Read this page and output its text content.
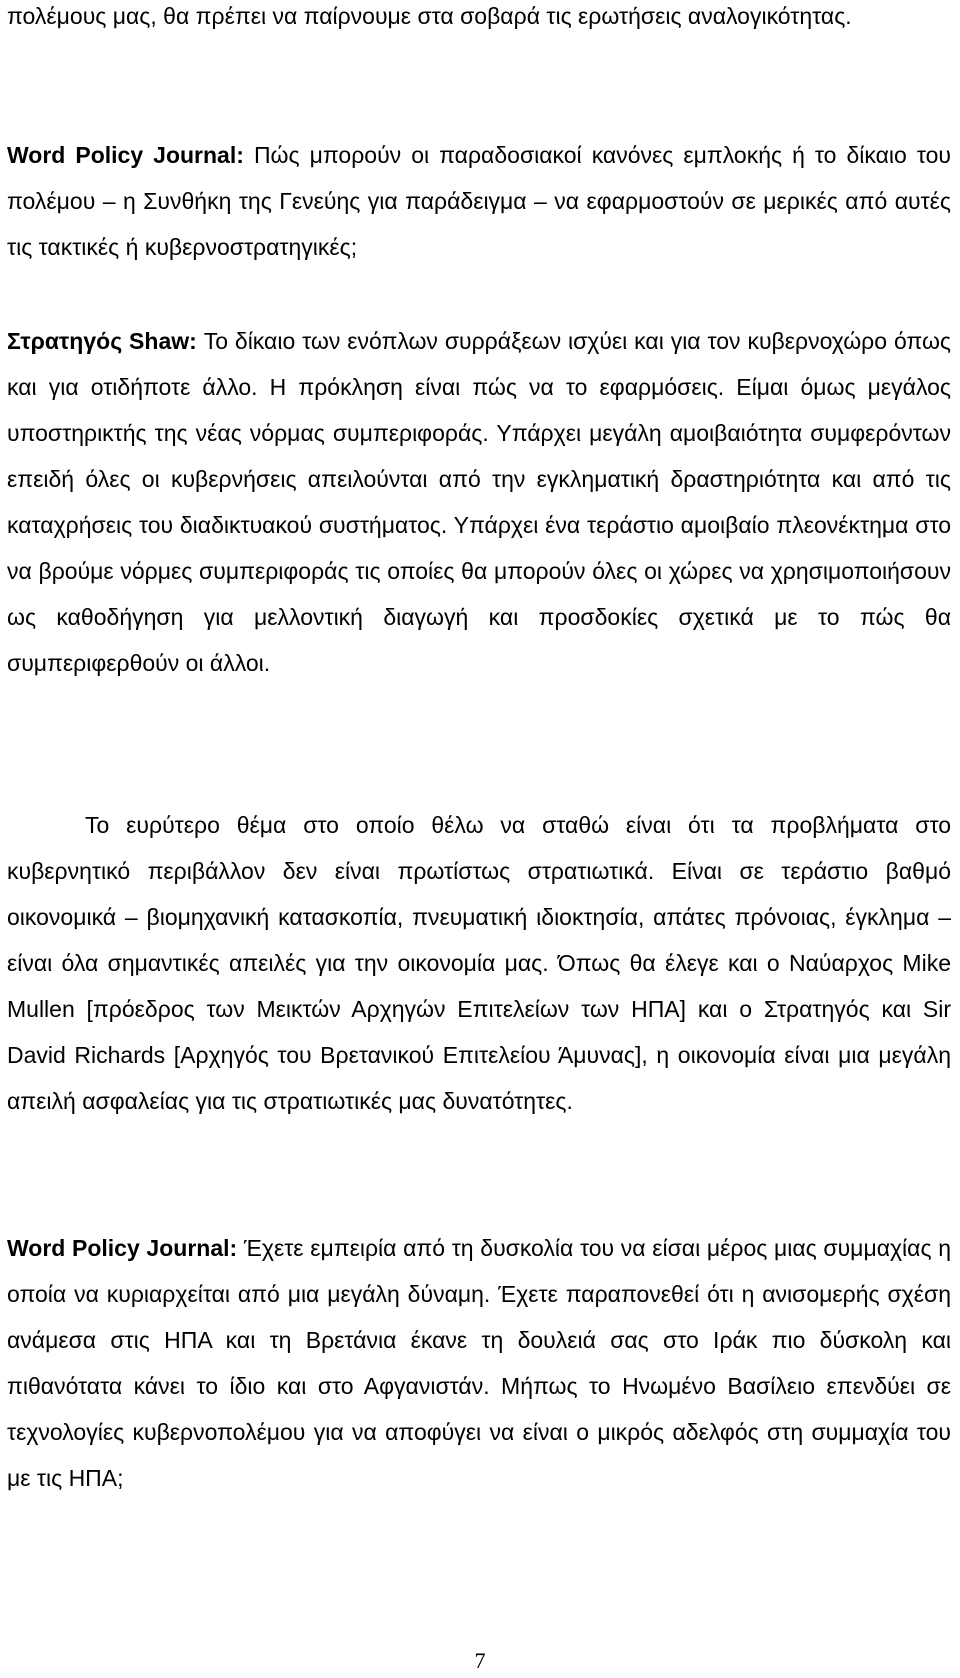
πολέμους μας, θα πρέπει να παίρνουμε στα σοβαρά τις ερωτήσεις αναλογικότητας.

Word Policy Journal: Πώς μπορούν οι παραδοσιακοί κανόνες εμπλοκής ή το δίκαιο του πολέμου – η Συνθήκη της Γενεύης για παράδειγμα – να εφαρμοστούν σε μερικές από αυτές τις τακτικές ή κυβερνοστρατηγικές;

Στρατηγός Shaw: Το δίκαιο των ενόπλων συρράξεων ισχύει και για τον κυβερνοχώρο όπως και για οτιδήποτε άλλο. Η πρόκληση είναι πώς να το εφαρμόσεις. Είμαι όμως μεγάλος υποστηρικτής της νέας νόρμας συμπεριφοράς. Υπάρχει μεγάλη αμοιβαιότητα συμφερόντων επειδή όλες οι κυβερνήσεις απειλούνται από την εγκληματική δραστηριότητα και από τις καταχρήσεις του διαδικτυακού συστήματος. Υπάρχει ένα τεράστιο αμοιβαίο πλεονέκτημα στο να βρούμε νόρμες συμπεριφοράς τις οποίες θα μπορούν όλες οι χώρες να χρησιμοποιήσουν ως καθοδήγηση για μελλοντική διαγωγή και προσδοκίες σχετικά με το πώς θα συμπεριφερθούν οι άλλοι.

Το ευρύτερο θέμα στο οποίο θέλω να σταθώ είναι ότι τα προβλήματα στο κυβερνητικό περιβάλλον δεν είναι πρωτίστως στρατιωτικά. Είναι σε τεράστιο βαθμό οικονομικά – βιομηχανική κατασκοπία, πνευματική ιδιοκτησία, απάτες πρόνοιας, έγκλημα – είναι όλα σημαντικές απειλές για την οικονομία μας. Όπως θα έλεγε και ο Ναύαρχος Mike Mullen [πρόεδρος των Μεικτών Αρχηγών Επιτελείων των ΗΠΑ] και ο Στρατηγός και Sir David Richards [Αρχηγός του Βρετανικού Επιτελείου Άμυνας], η οικονομία είναι μια μεγάλη απειλή ασφαλείας για τις στρατιωτικές μας δυνατότητες.

Word Policy Journal: Έχετε εμπειρία από τη δυσκολία του να είσαι μέρος μιας συμμαχίας η οποία να κυριαρχείται από μια μεγάλη δύναμη. Έχετε παραπονεθεί ότι η ανισομερής σχέση ανάμεσα στις ΗΠΑ και τη Βρετάνια έκανε τη δουλειά σας στο Ιράκ πιο δύσκολη και πιθανότατα κάνει το ίδιο και στο Αφγανιστάν. Μήπως το Ηνωμένο Βασίλειο επενδύει σε τεχνολογίες κυβερνοπολέμου για να αποφύγει να είναι ο μικρός αδελφός στη συμμαχία του με τις ΗΠΑ;

7
